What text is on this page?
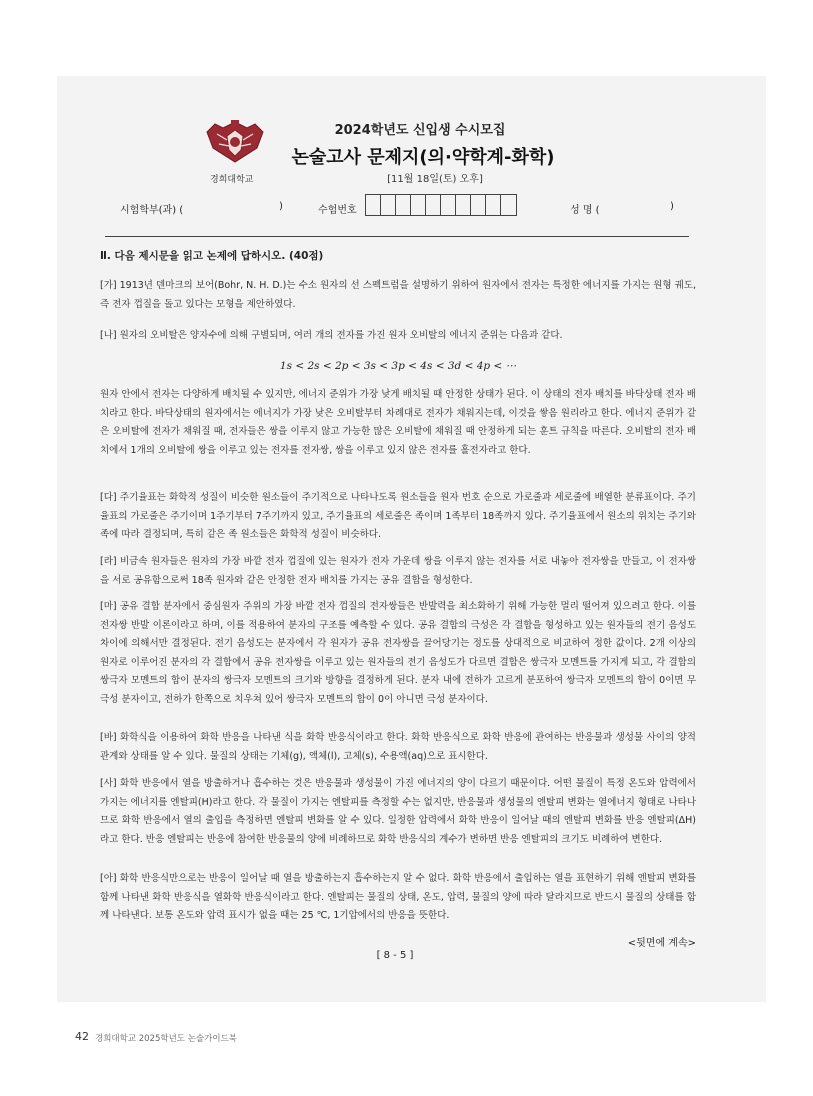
경희대학교
2024학년도 신입생 수시모집
논술고사 문제지(의·약학계-화학)
[11월 18일(토) 오후]
시험학부(과) (	)	수험번호	성 명 (	)
Ⅱ. 다음 제시문을 읽고 논제에 답하시오. (40점)

[가] 1913년 덴마크의 보어(Bohr, N. H. D.)는 수소 원자의 선 스펙트럼을 설명하기 위하여 원자에서 전자는 특정한 에너지를 가지는 원형 궤도, 즉 전자 껍질을 돌고 있다는 모형을 제안하였다.

[나] 원자의 오비탈은 양자수에 의해 구별되며, 여러 개의 전자를 가진 원자 오비탈의 에너지 준위는 다음과 같다.

1s < 2s < 2p < 3s < 3p < 4s < 3d < 4p < ⋯

원자 안에서 전자는 다양하게 배치될 수 있지만, 에너지 준위가 가장 낮게 배치될 때 안정한 상태가 된다. 이 상태의 전자 배치를 바닥상태 전자 배치라고 한다. 바닥상태의 원자에서는 에너지가 가장 낮은 오비탈부터 차례대로 전자가 채워지는데, 이것을 쌓음 원리라고 한다. 에너지 준위가 같은 오비탈에 전자가 채워질 때, 전자들은 쌍을 이루지 않고 가능한 많은 오비탈에 채워질 때 안정하게 되는 훈트 규칙을 따른다. 오비탈의 전자 배치에서 1개의 오비탈에 쌍을 이루고 있는 전자를 전자쌍, 쌍을 이루고 있지 않은 전자를 홀전자라고 한다.

[다] 주기율표는 화학적 성질이 비슷한 원소들이 주기적으로 나타나도록 원소들을 원자 번호 순으로 가로줄과 세로줄에 배열한 분류표이다. 주기율표의 가로줄은 주기이며 1주기부터 7주기까지 있고, 주기율표의 세로줄은 족이며 1족부터 18족까지 있다. 주기율표에서 원소의 위치는 주기와 족에 따라 결정되며, 특히 같은 족 원소들은 화학적 성질이 비슷하다.

[라] 비금속 원자들은 원자의 가장 바깥 전자 껍질에 있는 원자가 전자 가운데 쌍을 이루지 않는 전자를 서로 내놓아 전자쌍을 만들고, 이 전자쌍을 서로 공유함으로써 18족 원자와 같은 안정한 전자 배치를 가지는 공유 결합을 형성한다.

[마] 공유 결합 분자에서 중심원자 주위의 가장 바깥 전자 껍질의 전자쌍들은 반발력을 최소화하기 위해 가능한 멀리 떨어져 있으려고 한다. 이를 전자쌍 반발 이론이라고 하며, 이를 적용하여 분자의 구조를 예측할 수 있다. 공유 결합의 극성은 각 결합을 형성하고 있는 원자들의 전기 음성도 차이에 의해서만 결정된다. 전기 음성도는 분자에서 각 원자가 공유 전자쌍을 끌어당기는 정도를 상대적으로 비교하여 정한 값이다. 2개 이상의 원자로 이루어진 분자의 각 결합에서 공유 전자쌍을 이루고 있는 원자들의 전기 음성도가 다르면 결합은 쌍극자 모멘트를 가지게 되고, 각 결합의 쌍극자 모멘트의 합이 분자의 쌍극자 모멘트의 크기와 방향을 결정하게 된다. 분자 내에 전하가 고르게 분포하여 쌍극자 모멘트의 합이 0이면 무극성 분자이고, 전하가 한쪽으로 치우쳐 있어 쌍극자 모멘트의 합이 0이 아니면 극성 분자이다.

[바] 화학식을 이용하여 화학 반응을 나타낸 식을 화학 반응식이라고 한다. 화학 반응식으로 화학 반응에 관여하는 반응물과 생성물 사이의 양적 관계와 상태를 알 수 있다. 물질의 상태는 기체(g), 액체(l), 고체(s), 수용액(aq)으로 표시한다.

[사] 화학 반응에서 열을 방출하거나 흡수하는 것은 반응물과 생성물이 가진 에너지의 양이 다르기 때문이다. 어떤 물질이 특정 온도와 압력에서 가지는 에너지를 엔탈피(H)라고 한다. 각 물질이 가지는 엔탈피를 측정할 수는 없지만, 반응물과 생성물의 엔탈피 변화는 열에너지 형태로 나타나므로 화학 반응에서 열의 출입을 측정하면 엔탈피 변화를 알 수 있다. 일정한 압력에서 화학 반응이 일어날 때의 엔탈피 변화를 반응 엔탈피(ΔH)라고 한다. 반응 엔탈피는 반응에 참여한 반응물의 양에 비례하므로 화학 반응식의 계수가 변하면 반응 엔탈피의 크기도 비례하여 변한다.

[아] 화학 반응식만으로는 반응이 일어날 때 열을 방출하는지 흡수하는지 알 수 없다. 화학 반응에서 출입하는 열을 표현하기 위해 엔탈피 변화를 함께 나타낸 화학 반응식을 열화학 반응식이라고 한다. 엔탈피는 물질의 상태, 온도, 압력, 물질의 양에 따라 달라지므로 반드시 물질의 상태를 함께 나타낸다. 보통 온도와 압력 표시가 없을 때는 25 ℃, 1기압에서의 반응을 뜻한다.

<뒷면에 계속>
[ 8 - 5 ]
42 경희대학교 2025학년도 논술가이드북
